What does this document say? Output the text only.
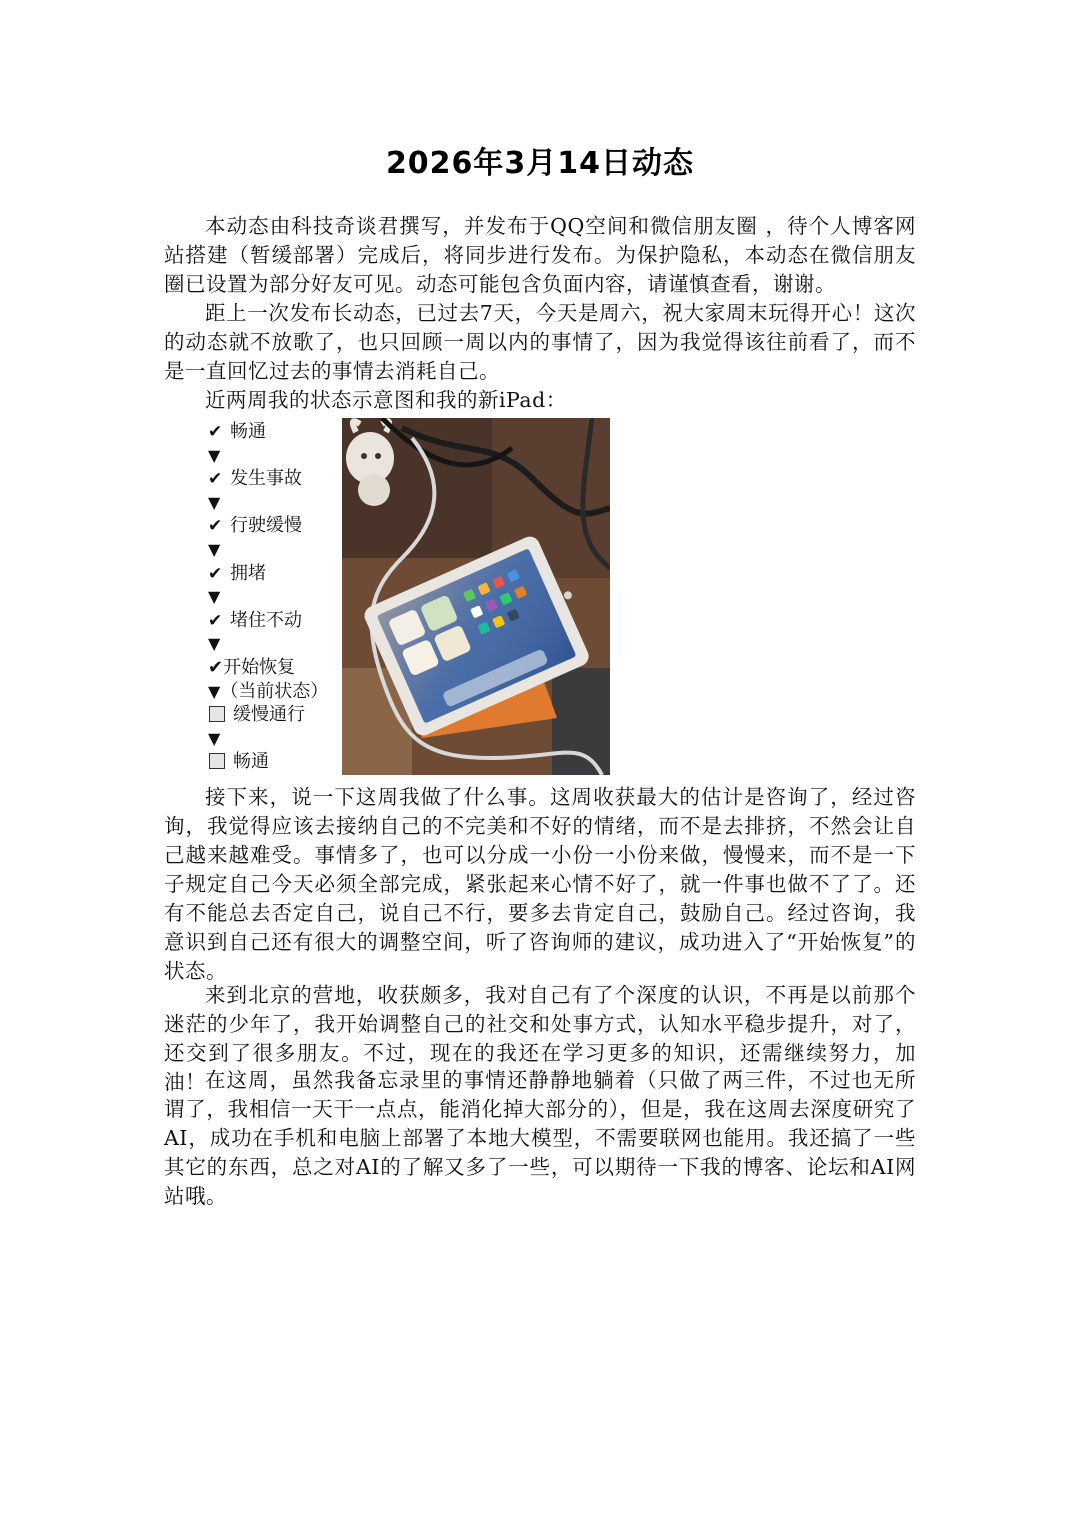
2026年3月14日动态

本动态由科技奇谈君撰写，并发布于QQ空间和微信朋友圈 ，待个人博客网站搭建（暂缓部署）完成后，将同步进行发布。为保护隐私，本动态在微信朋友圈已设置为部分好友可见。动态可能包含负面内容，请谨慎查看，谢谢。

距上一次发布长动态，已过去7天，今天是周六，祝大家周末玩得开心！这次的动态就不放歌了，也只回顾一周以内的事情了，因为我觉得该往前看了，而不是一直回忆过去的事情去消耗自己。

近两周我的状态示意图和我的新iPad：

✔ 畅通
▼
✔ 发生事故
▼
✔ 行驶缓慢
▼
✔ 拥堵
▼
✔ 堵住不动
▼
✔开始恢复
▼（当前状态）
缓慢通行
▼
畅通

接下来，说一下这周我做了什么事。这周收获最大的估计是咨询了，经过咨询，我觉得应该去接纳自己的不完美和不好的情绪，而不是去排挤，不然会让自己越来越难受。事情多了，也可以分成一小份一小份来做，慢慢来，而不是一下子规定自己今天必须全部完成，紧张起来心情不好了，就一件事也做不了了。还有不能总去否定自己，说自己不行，要多去肯定自己，鼓励自己。经过咨询，我意识到自己还有很大的调整空间，听了咨询师的建议，成功进入了“开始恢复”的状态。

来到北京的营地，收获颇多，我对自己有了个深度的认识，不再是以前那个迷茫的少年了，我开始调整自己的社交和处事方式，认知水平稳步提升，对了，还交到了很多朋友。不过，现在的我还在学习更多的知识，还需继续努力，加油！ 在这周，虽然我备忘录里的事情还静静地躺着（只做了两三件，不过也无所谓了，我相信一天干一点点，能消化掉大部分的），但是，我在这周去深度研究了AI，成功在手机和电脑上部署了本地大模型，不需要联网也能用。我还搞了一些其它的东西，总之对AI的了解又多了一些，可以期待一下我的博客、论坛和AI网站哦。
